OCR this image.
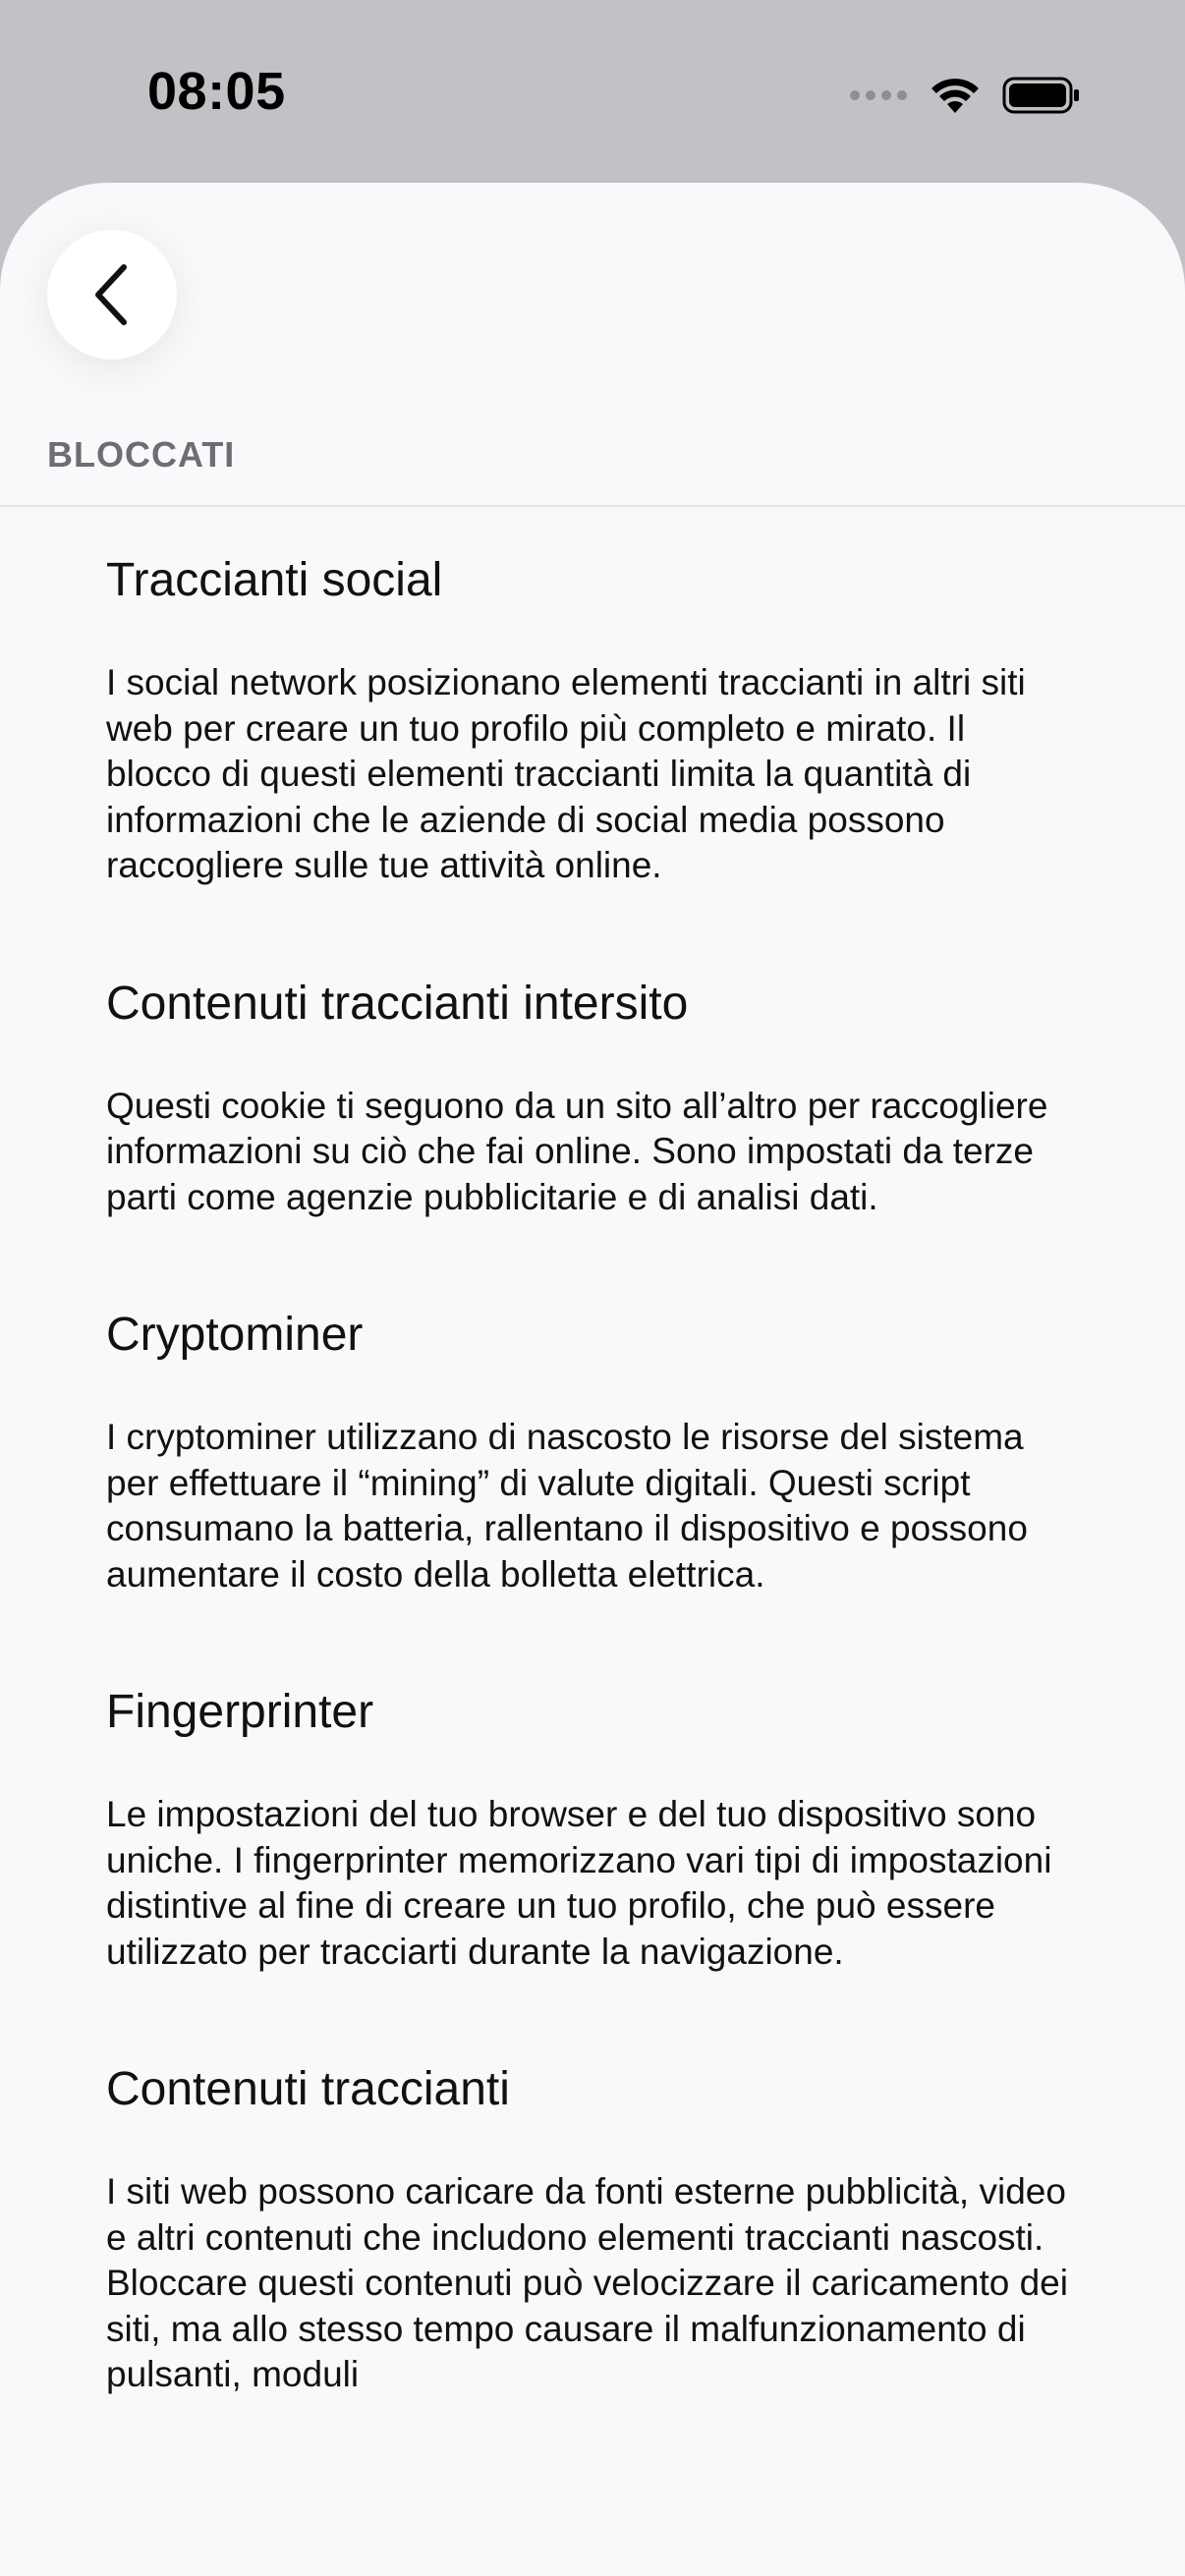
08:05
BLOCCATI
Traccianti social

I social network posizionano elementi traccianti in altri siti web per creare un tuo profilo più completo e mirato. Il blocco di questi elementi traccianti limita la quantità di informazioni che le aziende di social media possono raccogliere sulle tue attività online.

Contenuti traccianti intersito

Questi cookie ti seguono da un sito all’altro per raccogliere informazioni su ciò che fai online. Sono impostati da terze parti come agenzie pubblicitarie e di analisi dati.

Cryptominer

I cryptominer utilizzano di nascosto le risorse del sistema per effettuare il “mining” di valute digitali. Questi script consumano la batteria, rallentano il dispositivo e possono aumentare il costo della bolletta elettrica.

Fingerprinter

Le impostazioni del tuo browser e del tuo dispositivo sono uniche. I fingerprinter memorizzano vari tipi di impostazioni distintive al fine di creare un tuo profilo, che può essere utilizzato per tracciarti durante la navigazione.

Contenuti traccianti

I siti web possono caricare da fonti esterne pubblicità, video e altri contenuti che includono elementi traccianti nascosti. Bloccare questi contenuti può velocizzare il caricamento dei siti, ma allo stesso tempo causare il malfunzionamento di pulsanti, moduli
